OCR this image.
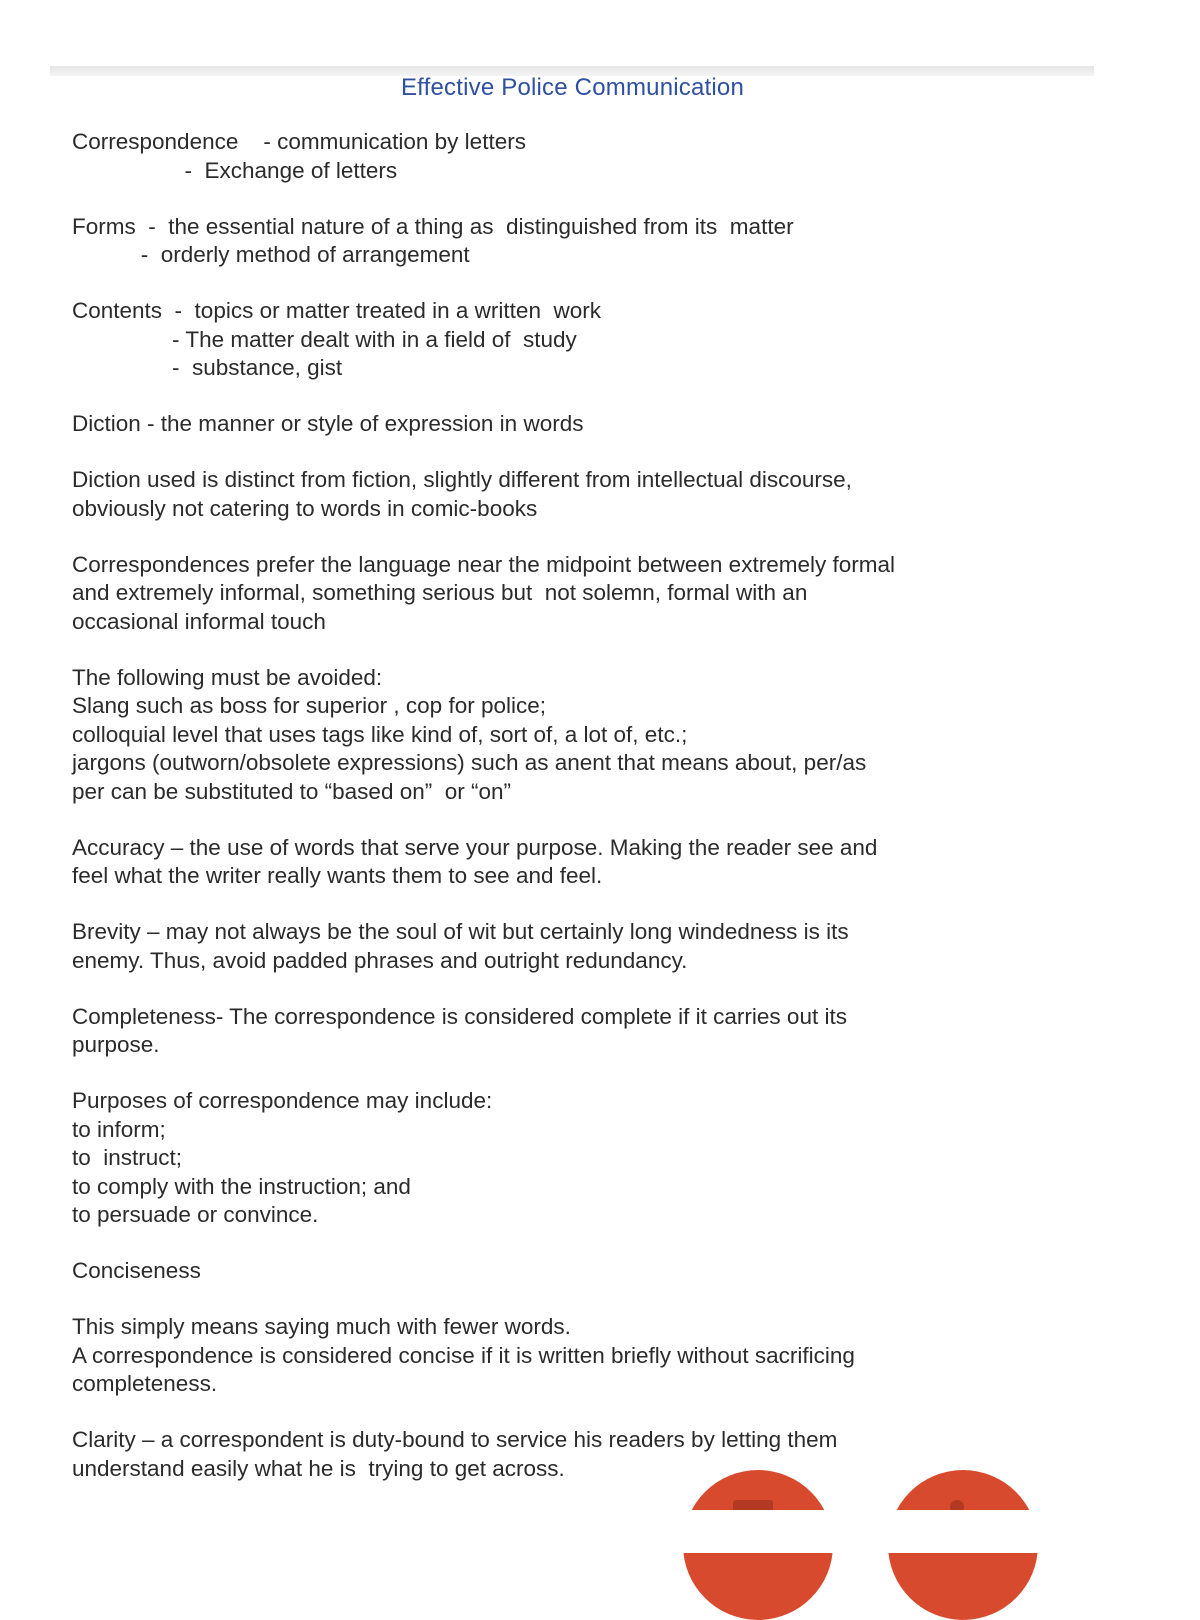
Effective Police Communication
Correspondence    - communication by letters
-  Exchange of letters
Forms  -  the essential nature of a thing as  distinguished from its  matter
-  orderly method of arrangement
Contents  -  topics or matter treated in a written  work
- The matter dealt with in a field of  study
-  substance, gist
Diction - the manner or style of expression in words
Diction used is distinct from fiction, slightly different from intellectual discourse,
obviously not catering to words in comic-books
Correspondences prefer the language near the midpoint between extremely formal
and extremely informal, something serious but  not solemn, formal with an
occasional informal touch
The following must be avoided:
Slang such as boss for superior , cop for police;
colloquial level that uses tags like kind of, sort of, a lot of, etc.;
jargons (outworn/obsolete expressions) such as anent that means about, per/as
per can be substituted to “based on”  or “on”
Accuracy – the use of words that serve your purpose. Making the reader see and
feel what the writer really wants them to see and feel.
Brevity – may not always be the soul of wit but certainly long windedness is its
enemy. Thus, avoid padded phrases and outright redundancy.
Completeness- The correspondence is considered complete if it carries out its
purpose.
Purposes of correspondence may include:
to inform;
to  instruct;
to comply with the instruction; and
to persuade or convince.
Conciseness
This simply means saying much with fewer words.
A correspondence is considered concise if it is written briefly without sacrificing
completeness.
Clarity – a correspondent is duty-bound to service his readers by letting them
understand easily what he is  trying to get across.
